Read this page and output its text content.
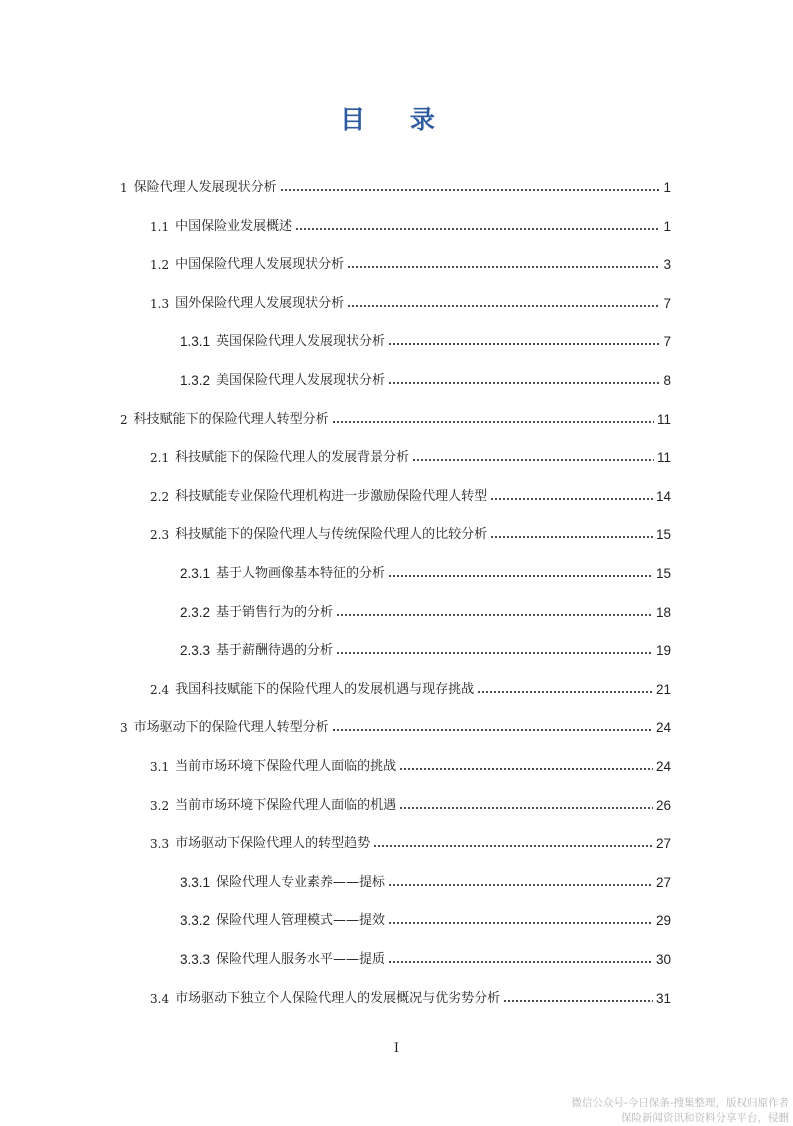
目 录
1 保险代理人发展现状分析	1
1.1 中国保险业发展概述	1
1.2 中国保险代理人发展现状分析	3
1.3 国外保险代理人发展现状分析	7
1.3.1 英国保险代理人发展现状分析	7
1.3.2 美国保险代理人发展现状分析	8
2 科技赋能下的保险代理人转型分析	11
2.1 科技赋能下的保险代理人的发展背景分析	11
2.2 科技赋能专业保险代理机构进一步激励保险代理人转型	14
2.3 科技赋能下的保险代理人与传统保险代理人的比较分析	15
2.3.1 基于人物画像基本特征的分析	15
2.3.2 基于销售行为的分析	18
2.3.3 基于薪酬待遇的分析	19
2.4 我国科技赋能下的保险代理人的发展机遇与现存挑战	21
3 市场驱动下的保险代理人转型分析	24
3.1 当前市场环境下保险代理人面临的挑战	24
3.2 当前市场环境下保险代理人面临的机遇	26
3.3 市场驱动下保险代理人的转型趋势	27
3.3.1 保险代理人专业素养——提标	27
3.3.2 保险代理人管理模式——提效	29
3.3.3 保险代理人服务水平——提质	30
3.4 市场驱动下独立个人保险代理人的发展概况与优劣势分析	31
I
微信公众号-今日保条-搜集整理，版权归原作者
保险新闻资讯和资料分享平台，侵删
